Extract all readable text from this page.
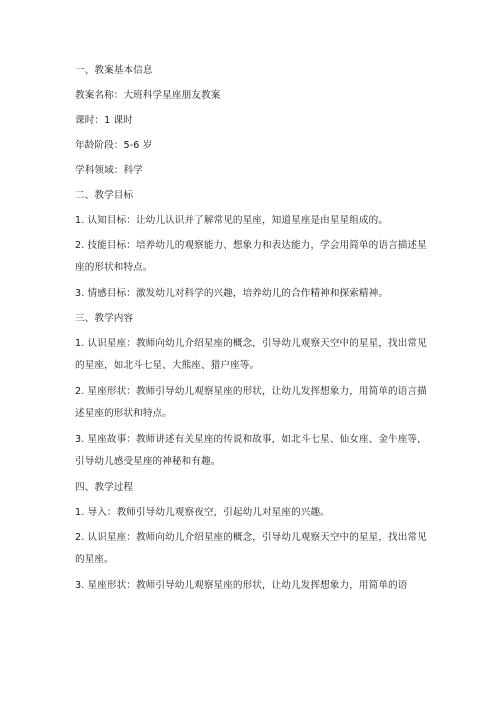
一、教案基本信息

教案名称：大班科学星座朋友教案

课时：1 课时

年龄阶段：5-6 岁

学科领域：科学

二、教学目标

1. 认知目标：让幼儿认识并了解常见的星座，知道星座是由星星组成的。

2. 技能目标：培养幼儿的观察能力、想象力和表达能力，学会用简单的语言描述星座的形状和特点。

3. 情感目标：激发幼儿对科学的兴趣，培养幼儿的合作精神和探索精神。

三、教学内容

1. 认识星座：教师向幼儿介绍星座的概念，引导幼儿观察天空中的星星，找出常见的星座，如北斗七星、大熊座、猎户座等。

2. 星座形状：教师引导幼儿观察星座的形状，让幼儿发挥想象力，用简单的语言描述星座的形状和特点。

3. 星座故事：教师讲述有关星座的传说和故事，如北斗七星、仙女座、金牛座等，引导幼儿感受星座的神秘和有趣。

四、教学过程

1. 导入：教师引导幼儿观察夜空，引起幼儿对星座的兴趣。

2. 认识星座：教师向幼儿介绍星座的概念，引导幼儿观察天空中的星星，找出常见的星座。

3. 星座形状：教师引导幼儿观察星座的形状，让幼儿发挥想象力，用简单的语
